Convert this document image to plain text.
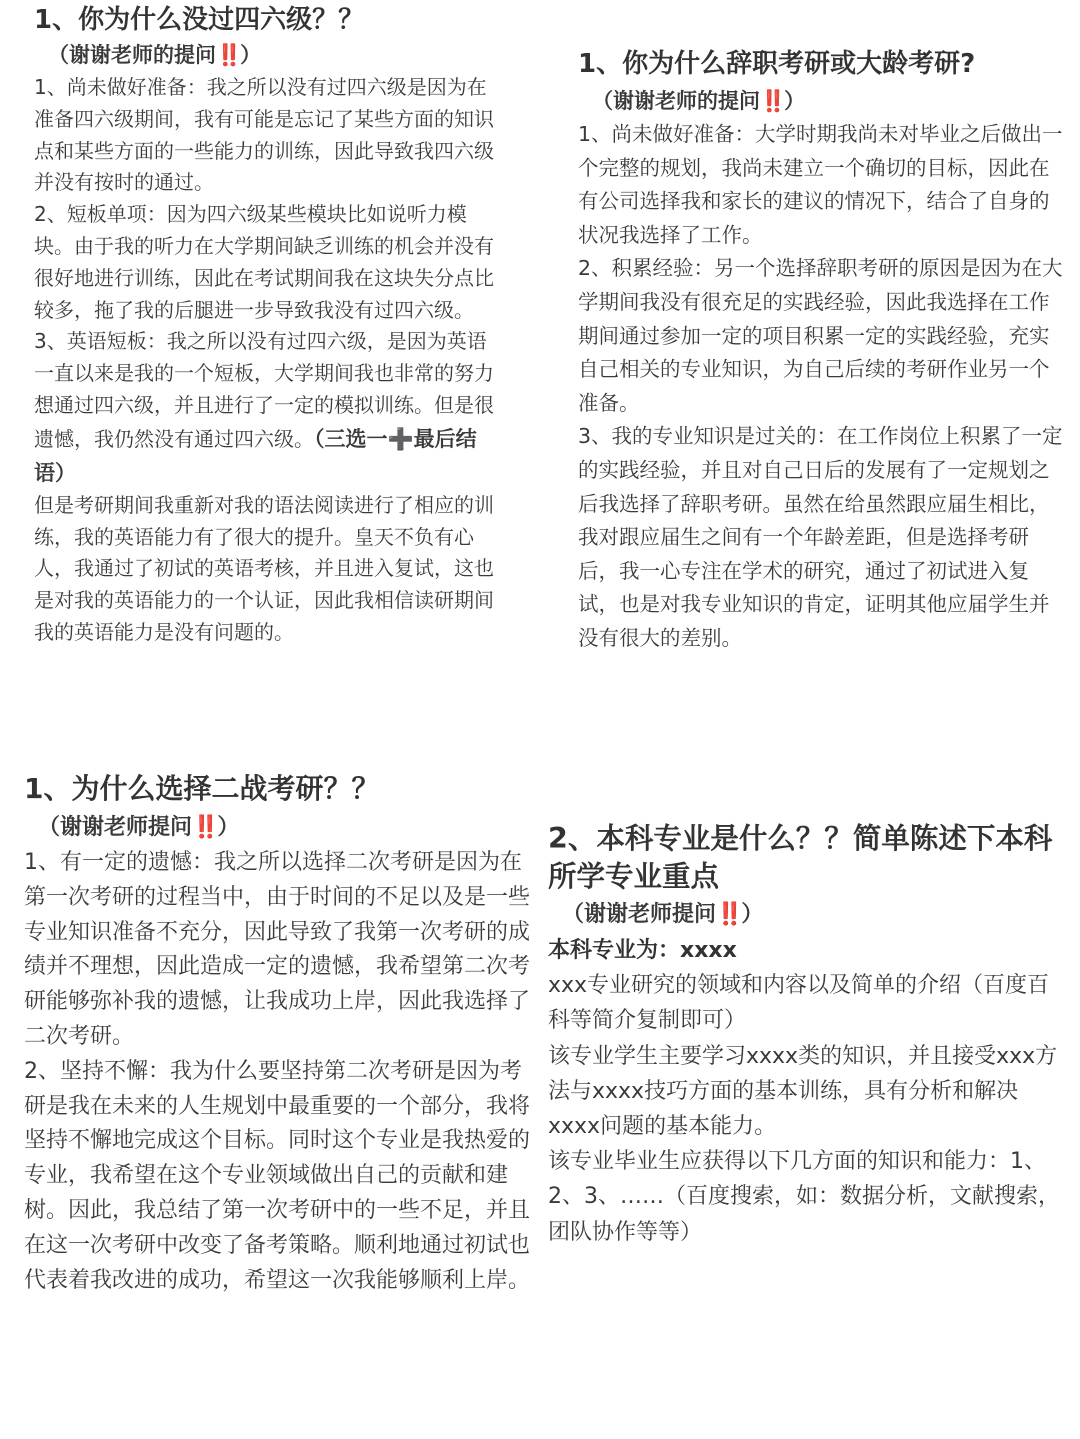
1、你为什么没过四六级？？
（谢谢老师的提问‼️）

1、尚未做好准备：我之所以没有过四六级是因为在准备四六级期间，我有可能是忘记了某些方面的知识点和某些方面的一些能力的训练，因此导致我四六级并没有按时的通过。

2、短板单项：因为四六级某些模块比如说听力模块。由于我的听力在大学期间缺乏训练的机会并没有很好地进行训练，因此在考试期间我在这块失分点比较多，拖了我的后腿进一步导致我没有过四六级。

3、英语短板：我之所以没有过四六级，是因为英语一直以来是我的一个短板，大学期间我也非常的努力想通过四六级，并且进行了一定的模拟训练。但是很遗憾，我仍然没有通过四六级。（三选一➕最后结语）

但是考研期间我重新对我的语法阅读进行了相应的训练，我的英语能力有了很大的提升。皇天不负有心人，我通过了初试的英语考核，并且进入复试，这也是对我的英语能力的一个认证，因此我相信读研期间我的英语能力是没有问题的。

1、你为什么辞职考研或大龄考研?
（谢谢老师的提问‼️）

1、尚未做好准备：大学时期我尚未对毕业之后做出一个完整的规划，我尚未建立一个确切的目标，因此在有公司选择我和家长的建议的情况下，结合了自身的状况我选择了工作。

2、积累经验：另一个选择辞职考研的原因是因为在大学期间我没有很充足的实践经验，因此我选择在工作期间通过参加一定的项目积累一定的实践经验，充实自己相关的专业知识，为自己后续的考研作业另一个准备。

3、我的专业知识是过关的：在工作岗位上积累了一定的实践经验，并且对自己日后的发展有了一定规划之后我选择了辞职考研。虽然在给虽然跟应届生相比，我对跟应届生之间有一个年龄差距，但是选择考研后，我一心专注在学术的研究，通过了初试进入复试，也是对我专业知识的肯定，证明其他应届学生并没有很大的差别。

1、为什么选择二战考研？？
（谢谢老师提问‼️）

1、有一定的遗憾：我之所以选择二次考研是因为在第一次考研的过程当中，由于时间的不足以及是一些专业知识准备不充分，因此导致了我第一次考研的成绩并不理想，因此造成一定的遗憾，我希望第二次考研能够弥补我的遗憾，让我成功上岸，因此我选择了二次考研。

2、坚持不懈：我为什么要坚持第二次考研是因为考研是我在未来的人生规划中最重要的一个部分，我将坚持不懈地完成这个目标。同时这个专业是我热爱的专业，我希望在这个专业领域做出自己的贡献和建树。因此，我总结了第一次考研中的一些不足，并且在这一次考研中改变了备考策略。顺利地通过初试也代表着我改进的成功，希望这一次我能够顺利上岸。

2、本科专业是什么？？简单陈述下本科所学专业重点
（谢谢老师提问‼️）

本科专业为：xxxx

xxx专业研究的领域和内容以及简单的介绍（百度百科等简介复制即可）

该专业学生主要学习xxxx类的知识，并且接受xxx方法与xxxx技巧方面的基本训练，具有分析和解决xxxx问题的基本能力。

该专业毕业生应获得以下几方面的知识和能力：1、2、3、……（百度搜索，如：数据分析，文献搜索，团队协作等等）
